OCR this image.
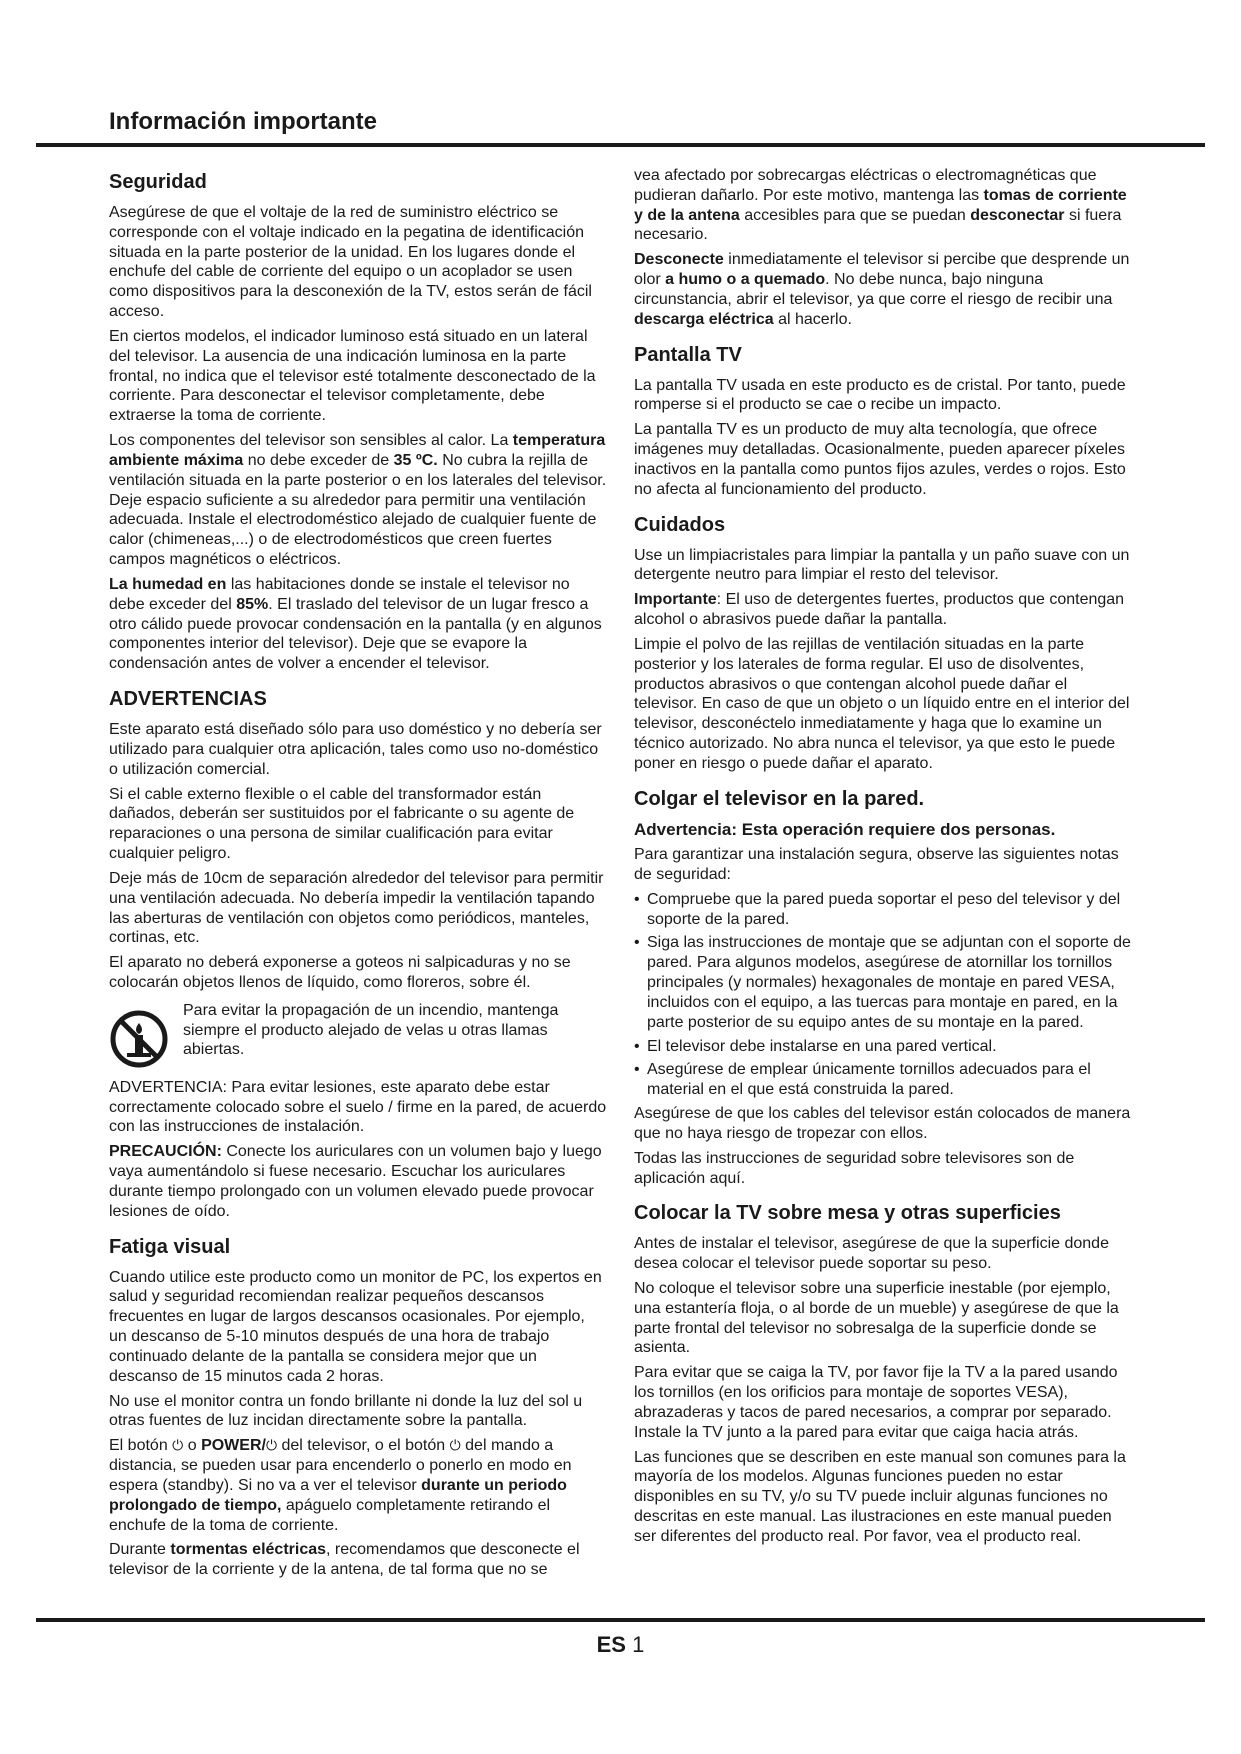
Información importante
Seguridad

Asegúrese de que el voltaje de la red de suministro eléctrico se corresponde con el voltaje indicado en la pegatina de identificación situada en la parte posterior de la unidad. En los lugares donde el enchufe del cable de corriente del equipo o un acoplador se usen como dispositivos para la desconexión de la TV, estos serán de fácil acceso.

En ciertos modelos, el indicador luminoso está situado en un lateral del televisor. La ausencia de una indicación luminosa en la parte frontal, no indica que el televisor esté totalmente desconectado de la corriente. Para desconectar el televisor completamente, debe extraerse la toma de corriente.

Los componentes del televisor son sensibles al calor. La temperatura ambiente máxima no debe exceder de 35 ºC. No cubra la rejilla de ventilación situada en la parte posterior o en los laterales del televisor. Deje espacio suficiente a su alrededor para permitir una ventilación adecuada. Instale el electrodoméstico alejado de cualquier fuente de calor (chimeneas,...) o de electrodomésticos que creen fuertes campos magnéticos o eléctricos.

La humedad en las habitaciones donde se instale el televisor no debe exceder del 85%. El traslado del televisor de un lugar fresco a otro cálido puede provocar condensación en la pantalla (y en algunos componentes interior del televisor). Deje que se evapore la condensación antes de volver a encender el televisor.

ADVERTENCIAS

Este aparato está diseñado sólo para uso doméstico y no debería ser utilizado para cualquier otra aplicación, tales como uso no-doméstico o utilización comercial.

Si el cable externo flexible o el cable del transformador están dañados, deberán ser sustituidos por el fabricante o su agente de reparaciones o una persona de similar cualificación para evitar cualquier peligro.

Deje más de 10cm de separación alrededor del televisor para permitir una ventilación adecuada. No debería impedir la ventilación tapando las aberturas de ventilación con objetos como periódicos, manteles, cortinas, etc.

El aparato no deberá exponerse a goteos ni salpicaduras y no se colocarán objetos llenos de líquido, como floreros, sobre él.

Para evitar la propagación de un incendio, mantenga siempre el producto alejado de velas u otras llamas abiertas.

ADVERTENCIA: Para evitar lesiones, este aparato debe estar correctamente colocado sobre el suelo / firme en la pared, de acuerdo con las instrucciones de instalación.

PRECAUCIÓN: Conecte los auriculares con un volumen bajo y luego vaya aumentándolo si fuese necesario. Escuchar los auriculares durante tiempo prolongado con un volumen elevado puede provocar lesiones de oído.

Fatiga visual

Cuando utilice este producto como un monitor de PC, los expertos en salud y seguridad recomiendan realizar pequeños descansos frecuentes en lugar de largos descansos ocasionales. Por ejemplo, un descanso de 5-10 minutos después de una hora de trabajo continuado delante de la pantalla se considera mejor que un descanso de 15 minutos cada 2 horas.

No use el monitor contra un fondo brillante ni donde la luz del sol u otras fuentes de luz incidan directamente sobre la pantalla.

El botón ⏻ o POWER/⏻ del televisor, o el botón ⏻ del mando a distancia, se pueden usar para encenderlo o ponerlo en modo en espera (standby). Si no va a ver el televisor durante un periodo prolongado de tiempo, apáguelo completamente retirando el enchufe de la toma de corriente.

Durante tormentas eléctricas, recomendamos que desconecte el televisor de la corriente y de la antena, de tal forma que no se

vea afectado por sobrecargas eléctricas o electromagnéticas que pudieran dañarlo. Por este motivo, mantenga las tomas de corriente y de la antena accesibles para que se puedan desconectar si fuera necesario.

Desconecte inmediatamente el televisor si percibe que desprende un olor a humo o a quemado. No debe nunca, bajo ninguna circunstancia, abrir el televisor, ya que corre el riesgo de recibir una descarga eléctrica al hacerlo.

Pantalla TV

La pantalla TV usada en este producto es de cristal. Por tanto, puede romperse si el producto se cae o recibe un impacto.

La pantalla TV es un producto de muy alta tecnología, que ofrece imágenes muy detalladas. Ocasionalmente, pueden aparecer píxeles inactivos en la pantalla como puntos fijos azules, verdes o rojos. Esto no afecta al funcionamiento del producto.

Cuidados

Use un limpiacristales para limpiar la pantalla y un paño suave con un detergente neutro para limpiar el resto del televisor.

Importante: El uso de detergentes fuertes, productos que contengan alcohol o abrasivos puede dañar la pantalla.

Limpie el polvo de las rejillas de ventilación situadas en la parte posterior y los laterales de forma regular. El uso de disolventes, productos abrasivos o que contengan alcohol puede dañar el televisor. En caso de que un objeto o un líquido entre en el interior del televisor, desconéctelo inmediatamente y haga que lo examine un técnico autorizado. No abra nunca el televisor, ya que esto le puede poner en riesgo o puede dañar el aparato.

Colgar el televisor en la pared.
Advertencia: Esta operación requiere dos personas.

Para garantizar una instalación segura, observe las siguientes notas de seguridad:

• Compruebe que la pared pueda soportar el peso del televisor y del soporte de la pared.
• Siga las instrucciones de montaje que se adjuntan con el soporte de pared. Para algunos modelos, asegúrese de atornillar los tornillos principales (y normales) hexagonales de montaje en pared VESA, incluidos con el equipo, a las tuercas para montaje en pared, en la parte posterior de su equipo antes de su montaje en la pared.
• El televisor debe instalarse en una pared vertical.
• Asegúrese de emplear únicamente tornillos adecuados para el material en el que está construida la pared.

Asegúrese de que los cables del televisor están colocados de manera que no haya riesgo de tropezar con ellos.

Todas las instrucciones de seguridad sobre televisores son de aplicación aquí.

Colocar la TV sobre mesa y otras superficies

Antes de instalar el televisor, asegúrese de que la superficie donde desea colocar el televisor puede soportar su peso.

No coloque el televisor sobre una superficie inestable (por ejemplo, una estantería floja, o al borde de un mueble) y asegúrese de que la parte frontal del televisor no sobresalga de la superficie donde se asienta.

Para evitar que se caiga la TV, por favor fije la TV a la pared usando los tornillos (en los orificios para montaje de soportes VESA), abrazaderas y tacos de pared necesarios, a comprar por separado. Instale la TV junto a la pared para evitar que caiga hacia atrás.

Las funciones que se describen en este manual son comunes para la mayoría de los modelos. Algunas funciones pueden no estar disponibles en su TV, y/o su TV puede incluir algunas funciones no descritas en este manual. Las ilustraciones en este manual pueden ser diferentes del producto real. Por favor, vea el producto real.

ES 1
